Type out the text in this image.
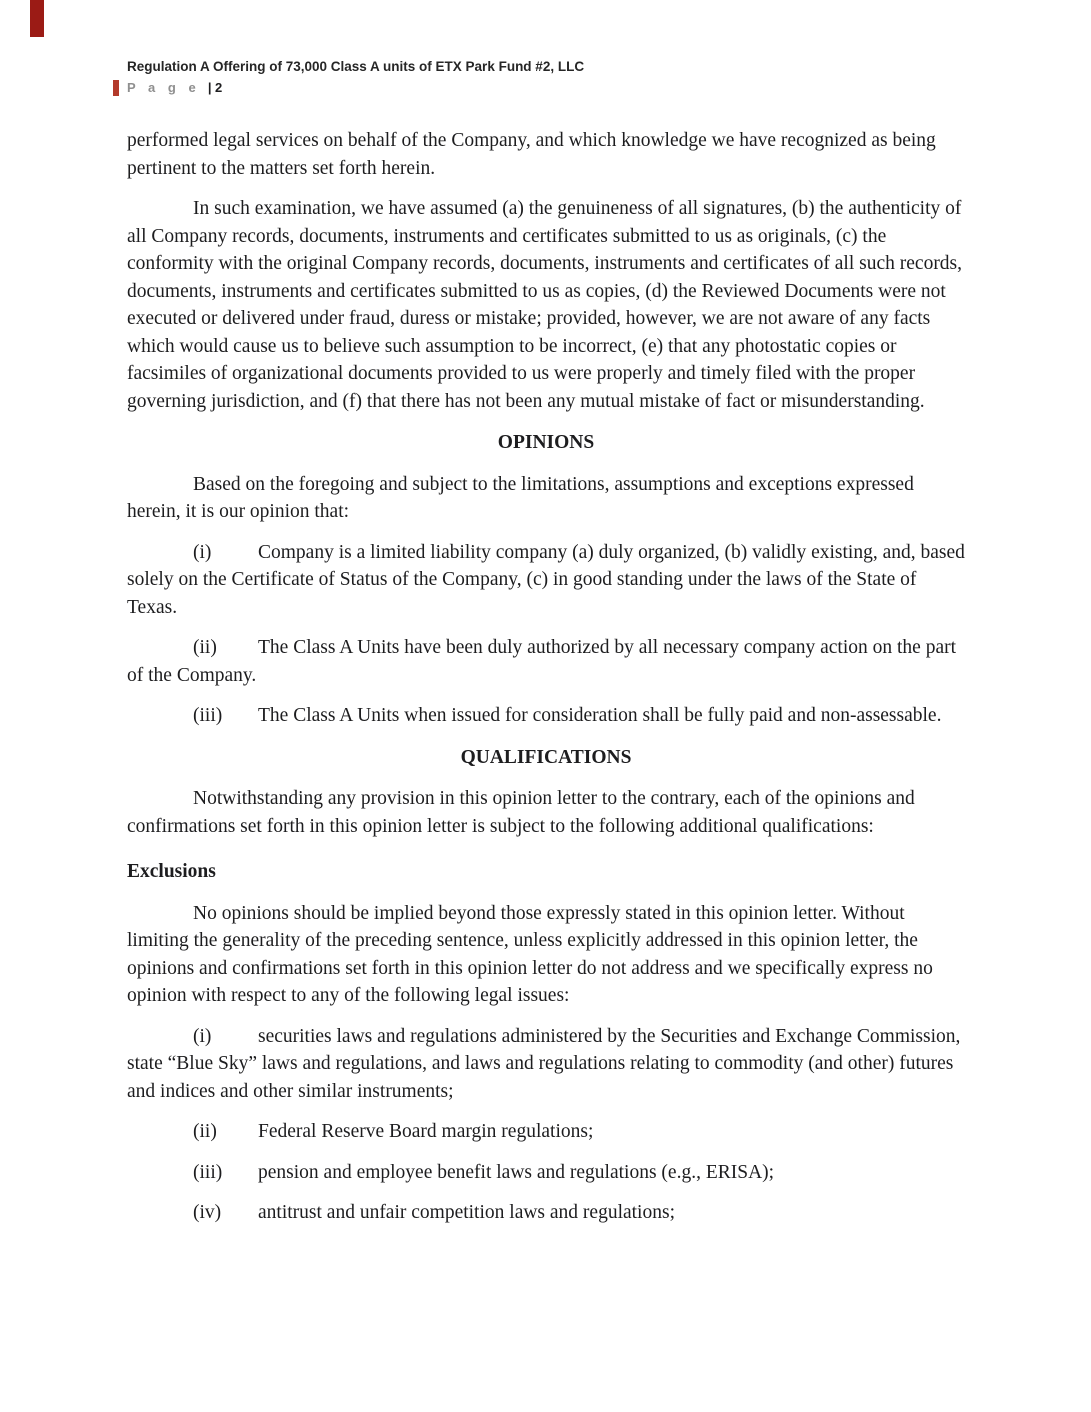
Regulation A Offering of 73,000 Class A units of ETX Park Fund #2, LLC
P a g e | 2
performed legal services on behalf of the Company, and which knowledge we have recognized as being pertinent to the matters set forth herein.
In such examination, we have assumed (a) the genuineness of all signatures, (b) the authenticity of all Company records, documents, instruments and certificates submitted to us as originals, (c) the conformity with the original Company records, documents, instruments and certificates of all such records, documents, instruments and certificates submitted to us as copies, (d) the Reviewed Documents were not executed or delivered under fraud, duress or mistake; provided, however, we are not aware of any facts which would cause us to believe such assumption to be incorrect, (e) that any photostatic copies or facsimiles of organizational documents provided to us were properly and timely filed with the proper governing jurisdiction, and (f) that there has not been any mutual mistake of fact or misunderstanding.
OPINIONS
Based on the foregoing and subject to the limitations, assumptions and exceptions expressed herein, it is our opinion that:
(i) Company is a limited liability company (a) duly organized, (b) validly existing, and, based solely on the Certificate of Status of the Company, (c) in good standing under the laws of the State of Texas.
(ii) The Class A Units have been duly authorized by all necessary company action on the part of the Company.
(iii) The Class A Units when issued for consideration shall be fully paid and non-assessable.
QUALIFICATIONS
Notwithstanding any provision in this opinion letter to the contrary, each of the opinions and confirmations set forth in this opinion letter is subject to the following additional qualifications:
Exclusions
No opinions should be implied beyond those expressly stated in this opinion letter. Without limiting the generality of the preceding sentence, unless explicitly addressed in this opinion letter, the opinions and confirmations set forth in this opinion letter do not address and we specifically express no opinion with respect to any of the following legal issues:
(i) securities laws and regulations administered by the Securities and Exchange Commission, state “Blue Sky” laws and regulations, and laws and regulations relating to commodity (and other) futures and indices and other similar instruments;
(ii) Federal Reserve Board margin regulations;
(iii) pension and employee benefit laws and regulations (e.g., ERISA);
(iv) antitrust and unfair competition laws and regulations;
